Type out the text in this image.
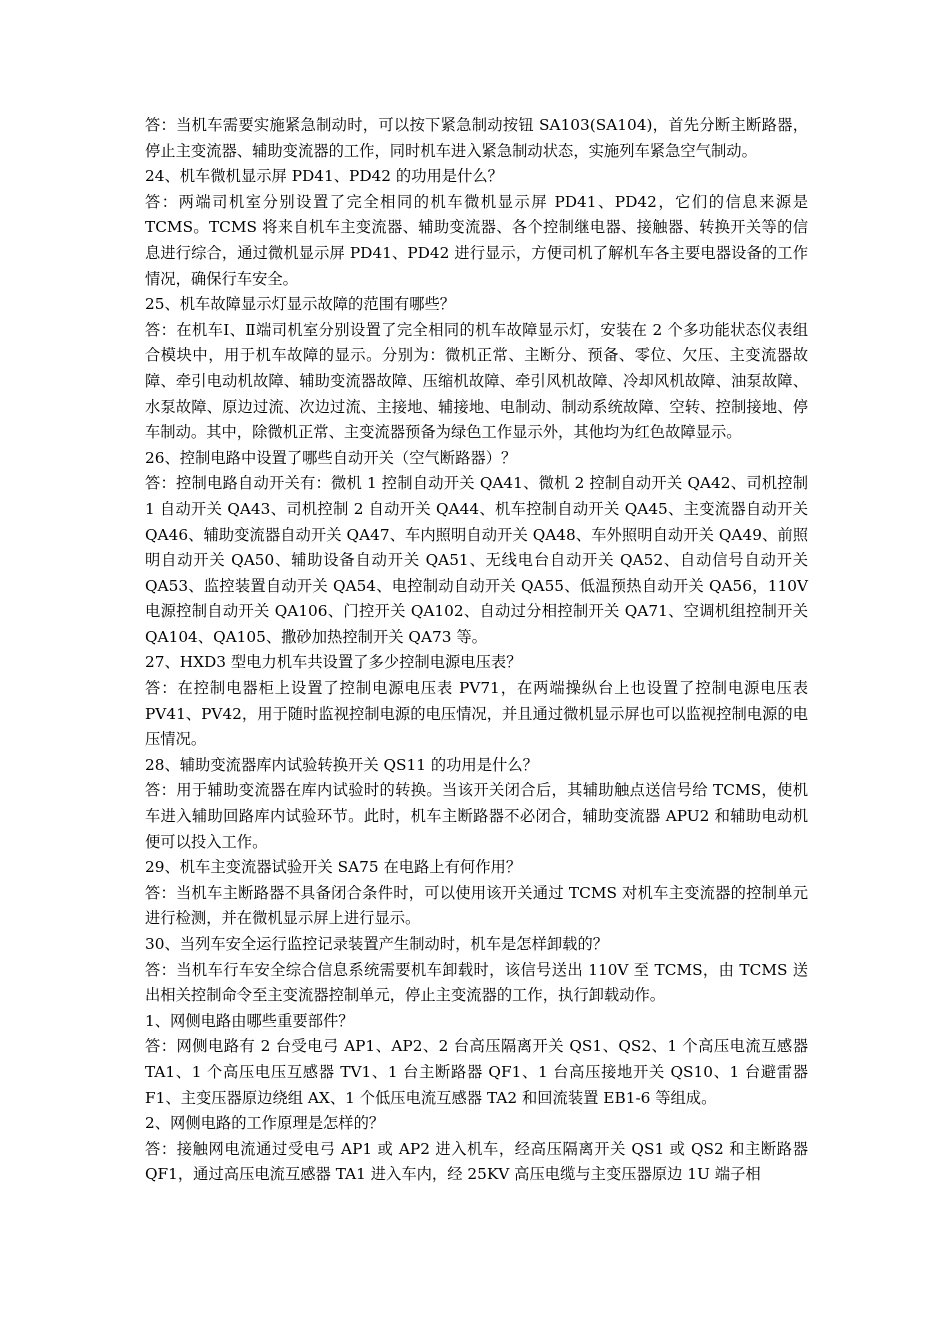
答：当机车需要实施紧急制动时，可以按下紧急制动按钮 SA103(SA104)，首先分断主断路器，停止主变流器、辅助变流器的工作，同时机车进入紧急制动状态，实施列车紧急空气制动。

24、机车微机显示屏 PD41、PD42 的功用是什么？

答：两端司机室分别设置了完全相同的机车微机显示屏 PD41、PD42，它们的信息来源是 TCMS。TCMS 将来自机车主变流器、辅助变流器、各个控制继电器、接触器、转换开关等的信息进行综合，通过微机显示屏 PD41、PD42 进行显示，方便司机了解机车各主要电器设备的工作情况，确保行车安全。

25、机车故障显示灯显示故障的范围有哪些？

答：在机车Ⅰ、Ⅱ端司机室分别设置了完全相同的机车故障显示灯，安装在 2 个多功能状态仪表组合模块中，用于机车故障的显示。分别为：微机正常、主断分、预备、零位、欠压、主变流器故障、牵引电动机故障、辅助变流器故障、压缩机故障、牵引风机故障、冷却风机故障、油泵故障、水泵故障、原边过流、次边过流、主接地、辅接地、电制动、制动系统故障、空转、控制接地、停车制动。其中，除微机正常、主变流器预备为绿色工作显示外，其他均为红色故障显示。

26、控制电路中设置了哪些自动开关（空气断路器）？

答：控制电路自动开关有：微机 1 控制自动开关 QA41、微机 2 控制自动开关 QA42、司机控制 1 自动开关 QA43、司机控制 2 自动开关 QA44、机车控制自动开关 QA45、主变流器自动开关 QA46、辅助变流器自动开关 QA47、车内照明自动开关 QA48、车外照明自动开关 QA49、前照明自动开关 QA50、辅助设备自动开关 QA51、无线电台自动开关 QA52、自动信号自动开关 QA53、监控装置自动开关 QA54、电控制动自动开关 QA55、低温预热自动开关 QA56，110V 电源控制自动开关 QA106、门控开关 QA102、自动过分相控制开关 QA71、空调机组控制开关 QA104、QA105、撒砂加热控制开关 QA73 等。

27、HXD3 型电力机车共设置了多少控制电源电压表？

答：在控制电器柜上设置了控制电源电压表 PV71，在两端操纵台上也设置了控制电源电压表 PV41、PV42，用于随时监视控制电源的电压情况，并且通过微机显示屏也可以监视控制电源的电压情况。

28、辅助变流器库内试验转换开关 QS11 的功用是什么？

答：用于辅助变流器在库内试验时的转换。当该开关闭合后，其辅助触点送信号给 TCMS，使机车进入辅助回路库内试验环节。此时，机车主断路器不必闭合，辅助变流器 APU2 和辅助电动机便可以投入工作。

29、机车主变流器试验开关 SA75 在电路上有何作用？

答：当机车主断路器不具备闭合条件时，可以使用该开关通过 TCMS 对机车主变流器的控制单元进行检测，并在微机显示屏上进行显示。

30、当列车安全运行监控记录装置产生制动时，机车是怎样卸载的？

答：当机车行车安全综合信息系统需要机车卸载时，该信号送出 110V 至 TCMS，由 TCMS 送出相关控制命令至主变流器控制单元，停止主变流器的工作，执行卸载动作。

1、网侧电路由哪些重要部件？

答：网侧电路有 2 台受电弓 AP1、AP2、2 台高压隔离开关 QS1、QS2、1 个高压电流互感器 TA1、1 个高压电压互感器 TV1、1 台主断路器 QF1、1 台高压接地开关 QS10、1 台避雷器 F1、主变压器原边绕组 AX、1 个低压电流互感器 TA2 和回流装置 EB1-6 等组成。

2、网侧电路的工作原理是怎样的？

答：接触网电流通过受电弓 AP1 或 AP2 进入机车，经高压隔离开关 QS1 或 QS2 和主断路器 QF1，通过高压电流互感器 TA1 进入车内，经 25KV 高压电缆与主变压器原边 1U 端子相
